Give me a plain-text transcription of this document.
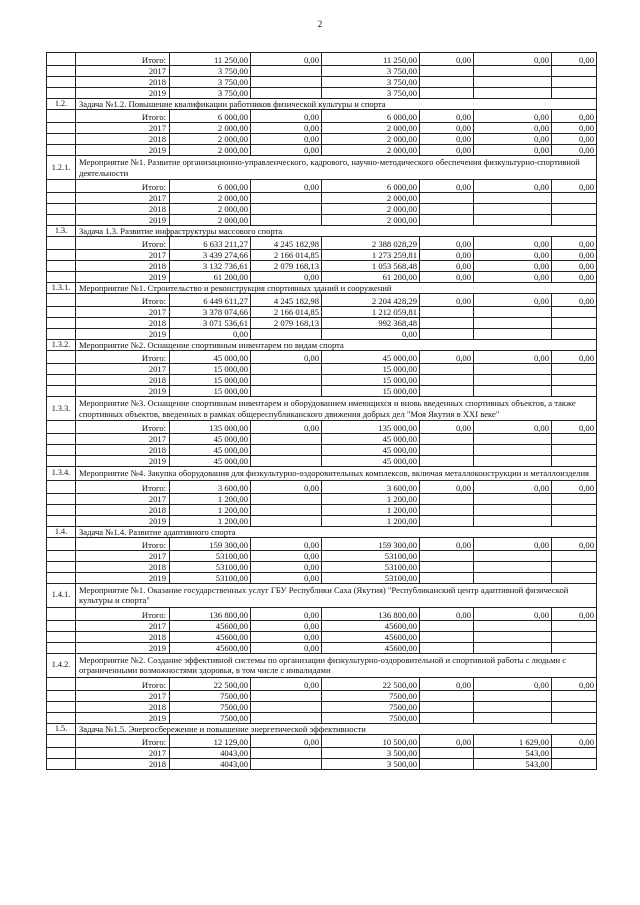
2
	Итого:	11 250,00	0,00	11 250,00	0,00	0,00	0,00
	2017	3 750,00		3 750,00			
	2018	3 750,00		3 750,00			
	2019	3 750,00		3 750,00			
1.2.	Задача №1.2. Повышение квалификации работников физической культуры и спорта						
	Итого:	6 000,00	0,00	6 000,00	0,00	0,00	0,00
	2017	2 000,00	0,00	2 000,00	0,00	0,00	0,00
	2018	2 000,00	0,00	2 000,00	0,00	0,00	0,00
	2019	2 000,00	0,00	2 000,00	0,00	0,00	0,00
1.2.1.	Мероприятие №1. Развитие организационно-управленческого, кадрового, научно-методического обеспечения физкультурно-спортивной деятельности						
	Итого:	6 000,00	0,00	6 000,00	0,00	0,00	0,00
	2017	2 000,00		2 000,00			
	2018	2 000,00		2 000,00			
	2019	2 000,00		2 000,00			
1.3.	Задача 1.3. Развитие инфраструктуры массового спорта						
	Итого:	6 633 211,27	4 245 182,98	2 388 028,29	0,00	0,00	0,00
	2017	3 439 274,66	2 166 014,85	1 273 259,81	0,00	0,00	0,00
	2018	3 132 736,61	2 079 168,13	1 053 568,48	0,00	0,00	0,00
	2019	61 200,00	0,00	61 200,00	0,00	0,00	0,00
1.3.1.	Мероприятие №1. Строительство и реконструкция спортивных зданий и сооружений						
	Итого:	6 449 611,27	4 245 182,98	2 204 428,29	0,00	0,00	0,00
	2017	3 378 074,66	2 166 014,85	1 212 059,81			
	2018	3 071 536,61	2 079 168,13	992 368,48			
	2019	0,00		0,00			
1.3.2.	Мероприятие №2. Оснащение спортивным инвентарем по видам спорта						
	Итого:	45 000,00	0,00	45 000,00	0,00	0,00	0,00
	2017	15 000,00		15 000,00			
	2018	15 000,00		15 000,00			
	2019	15 000,00		15 000,00			
1.3.3.	Мероприятие №3. Оснащение спортивным инвентарем и оборудованием имеющихся и вновь введенных спортивных объектов, а также спортивных объектов, введенных в рамках общереспубликанского движения добрых дел "Моя Якутия в XXI веке"						
	Итого:	135 000,00	0,00	135 000,00	0,00	0,00	0,00
	2017	45 000,00		45 000,00			
	2018	45 000,00		45 000,00			
	2019	45 000,00		45 000,00			
1.3.4.	Мероприятие №4. Закупка оборудования для физкультурно-оздоровительных комплексов, включая металлоконструкции и металлоизделия						
	Итого:	3 600,00	0,00	3 600,00	0,00	0,00	0,00
	2017	1 200,00		1 200,00			
	2018	1 200,00		1 200,00			
	2019	1 200,00		1 200,00			
1.4.	Задача №1.4. Развитие адаптивного спорта						
	Итого:	159 300,00	0,00	159 300,00	0,00	0,00	0,00
	2017	53100,00	0,00	53100,00			
	2018	53100,00	0,00	53100,00			
	2019	53100,00	0,00	53100,00			
1.4.1.	Мероприятие №1. Оказание государственных услуг ГБУ Республики Саха (Якутия) "Республиканский центр адаптивной физической культуры и спорта"						
	Итого:	136 800,00	0,00	136 800,00	0,00	0,00	0,00
	2017	45600,00	0,00	45600,00			
	2018	45600,00	0,00	45600,00			
	2019	45600,00	0,00	45600,00			
1.4.2.	Мероприятие №2. Создание эффективной системы по организации физкультурно-оздоровительной и спортивной работы с людьми с ограниченными возможностями здоровья, в том числе с инвалидами						
	Итого:	22 500,00	0,00	22 500,00	0,00	0,00	0,00
	2017	7500,00		7500,00			
	2018	7500,00		7500,00			
	2019	7500,00		7500,00			
1.5.	Задача №1.5. Энергосбережение и повышение энергетической эффективности						
	Итого:	12 129,00	0,00	10 500,00	0,00	1 629,00	0,00
	2017	4043,00		3 500,00		543,00	
	2018	4043,00		3 500,00		543,00	
